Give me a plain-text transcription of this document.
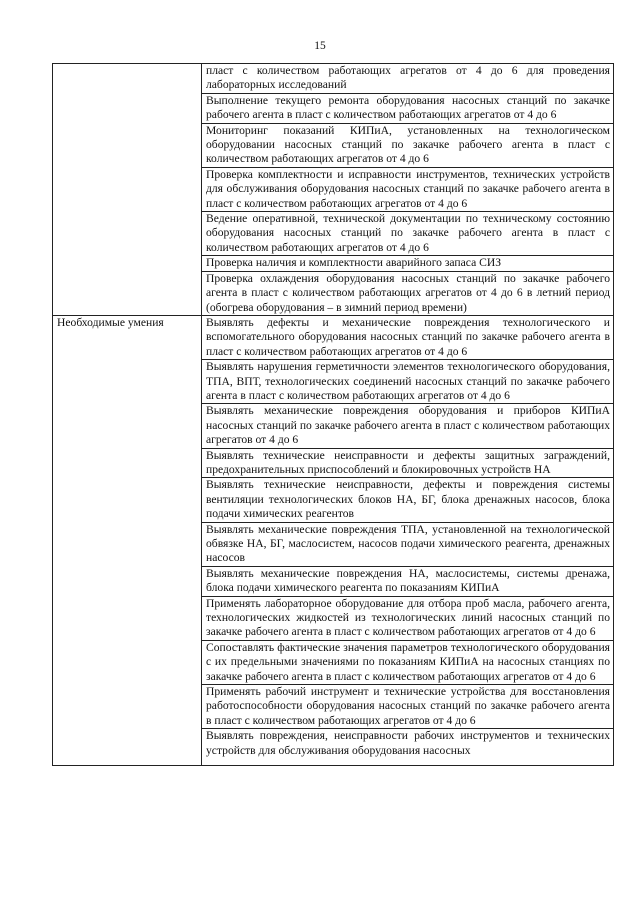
15
	пласт с количеством работающих агрегатов от 4 до 6 для проведения лабораторных исследований
	Выполнение текущего ремонта оборудования насосных станций по закачке рабочего агента в пласт с количеством работающих агрегатов от 4 до 6
	Мониторинг показаний КИПиА, установленных на технологическом оборудовании насосных станций по закачке рабочего агента в пласт с количеством работающих агрегатов от 4 до 6
	Проверка комплектности и исправности инструментов, технических устройств для обслуживания оборудования насосных станций по закачке рабочего агента в пласт с количеством работающих агрегатов от 4 до 6
	Ведение оперативной, технической документации по техническому состоянию оборудования насосных станций по закачке рабочего агента в пласт с количеством работающих агрегатов от 4 до 6
	Проверка наличия и комплектности аварийного запаса СИЗ
	Проверка охлаждения оборудования насосных станций по закачке рабочего агента в пласт с количеством работающих агрегатов от 4 до 6 в летний период (обогрева оборудования – в зимний период времени)
Необходимые умения	Выявлять дефекты и механические повреждения технологического и вспомогательного оборудования насосных станций по закачке рабочего агента в пласт с количеством работающих агрегатов от 4 до 6
	Выявлять нарушения герметичности элементов технологического оборудования, ТПА, ВПТ, технологических соединений насосных станций по закачке рабочего агента в пласт с количеством работающих агрегатов от 4 до 6
	Выявлять механические повреждения оборудования и приборов КИПиА насосных станций по закачке рабочего агента в пласт с количеством работающих агрегатов от 4 до 6
	Выявлять технические неисправности и дефекты защитных заграждений, предохранительных приспособлений и блокировочных устройств НА
	Выявлять технические неисправности, дефекты и повреждения системы вентиляции технологических блоков НА, БГ, блока дренажных насосов, блока подачи химических реагентов
	Выявлять механические повреждения ТПА, установленной на технологической обвязке НА, БГ, маслосистем, насосов подачи химического реагента, дренажных насосов
	Выявлять механические повреждения НА, маслосистемы, системы дренажа, блока подачи химического реагента по показаниям КИПиА
	Применять лабораторное оборудование для отбора проб масла, рабочего агента, технологических жидкостей из технологических линий насосных станций по закачке рабочего агента в пласт с количеством работающих агрегатов от 4 до 6
	Сопоставлять фактические значения параметров технологического оборудования с их предельными значениями по показаниям КИПиА на насосных станциях по закачке рабочего агента в пласт с количеством работающих агрегатов от 4 до 6
	Применять рабочий инструмент и технические устройства для восстановления работоспособности оборудования насосных станций по закачке рабочего агента в пласт с количеством работающих агрегатов от 4 до 6

	Выявлять повреждения, неисправности рабочих инструментов и технических устройств для обслуживания оборудования насосных
